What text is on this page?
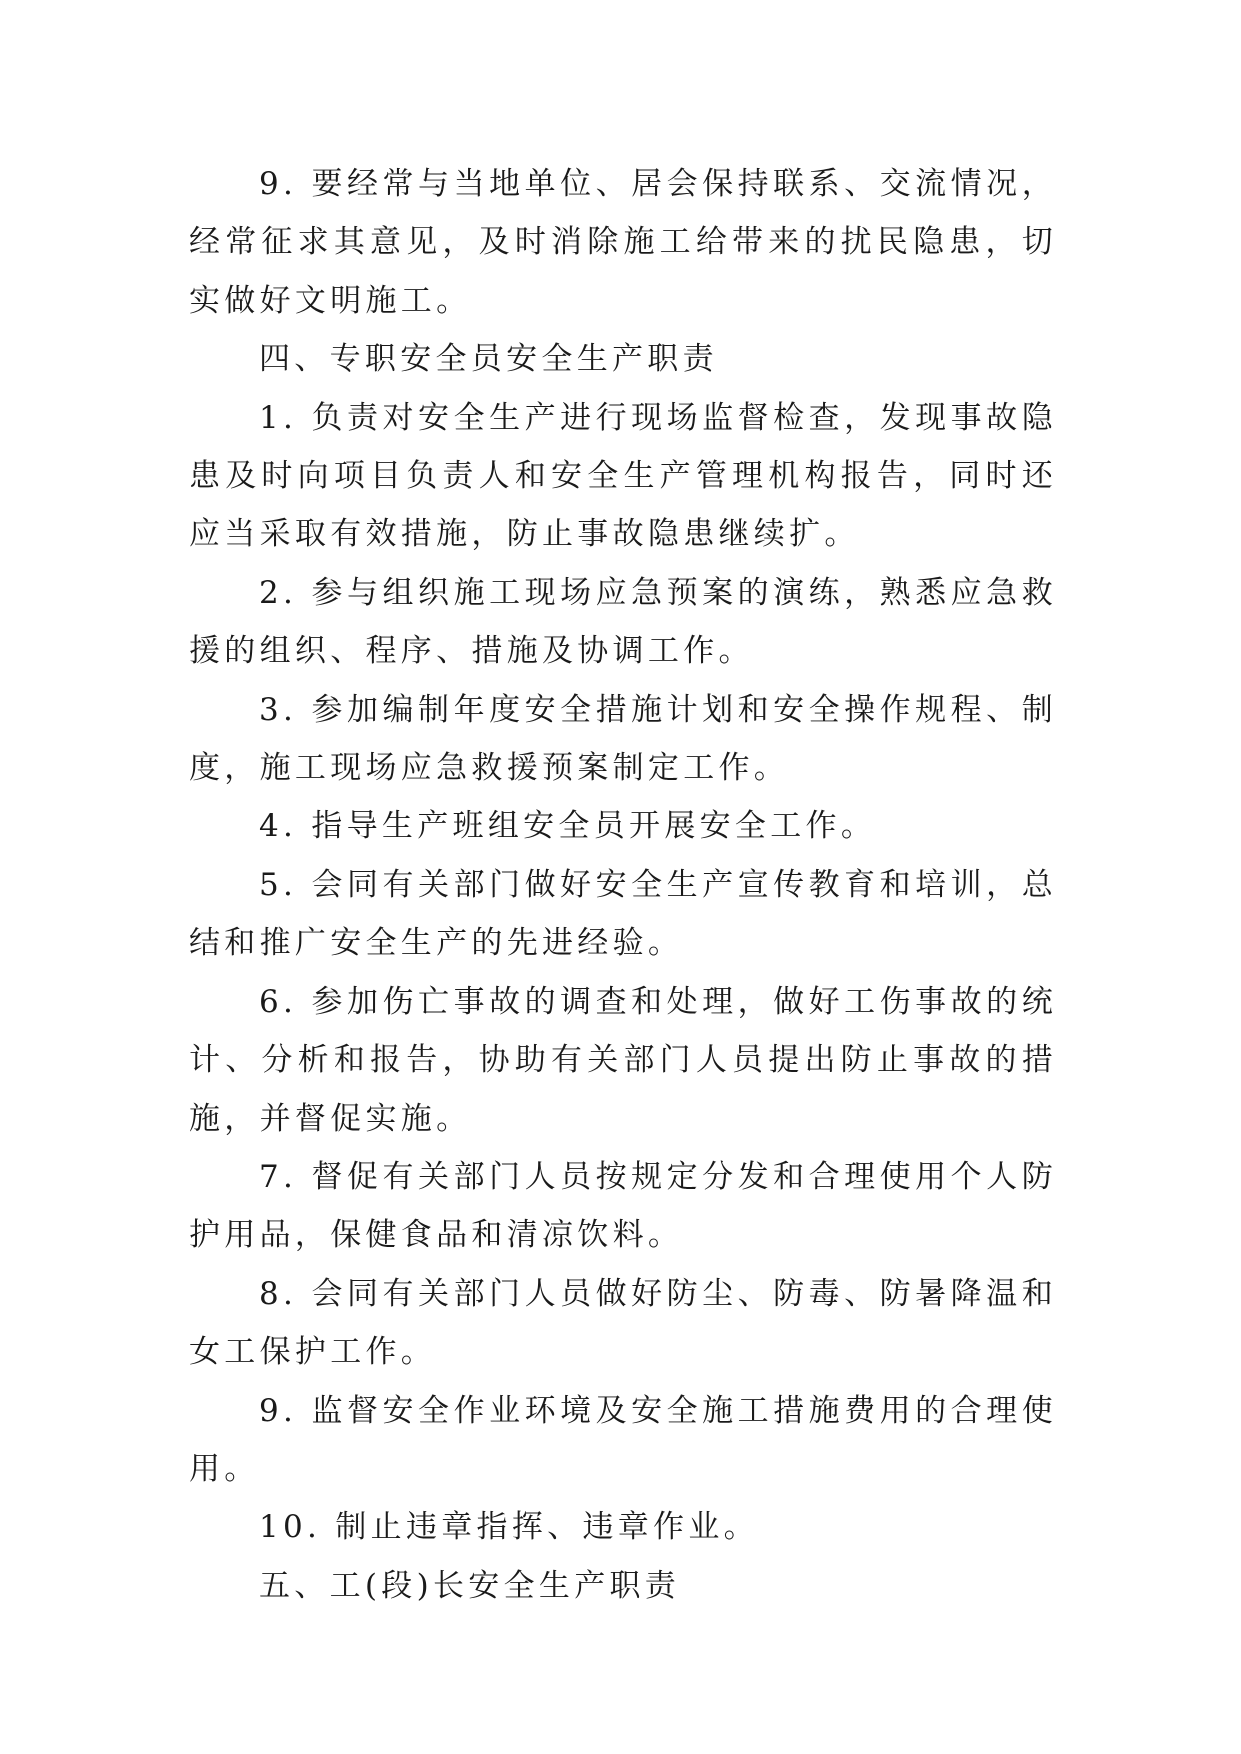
9. 要经常与当地单位、居会保持联系、交流情况，经常征求其意见，及时消除施工给带来的扰民隐患，切实做好文明施工。

四、专职安全员安全生产职责

1. 负责对安全生产进行现场监督检查，发现事故隐患及时向项目负责人和安全生产管理机构报告，同时还应当采取有效措施，防止事故隐患继续扩。

2. 参与组织施工现场应急预案的演练，熟悉应急救援的组织、程序、措施及协调工作。

3. 参加编制年度安全措施计划和安全操作规程、制度，施工现场应急救援预案制定工作。

4. 指导生产班组安全员开展安全工作。

5. 会同有关部门做好安全生产宣传教育和培训，总结和推广安全生产的先进经验。

6. 参加伤亡事故的调查和处理，做好工伤事故的统计、分析和报告，协助有关部门人员提出防止事故的措施，并督促实施。

7. 督促有关部门人员按规定分发和合理使用个人防护用品，保健食品和清凉饮料。

8. 会同有关部门人员做好防尘、防毒、防暑降温和女工保护工作。

9. 监督安全作业环境及安全施工措施费用的合理使用。

10. 制止违章指挥、违章作业。

五、工(段)长安全生产职责
